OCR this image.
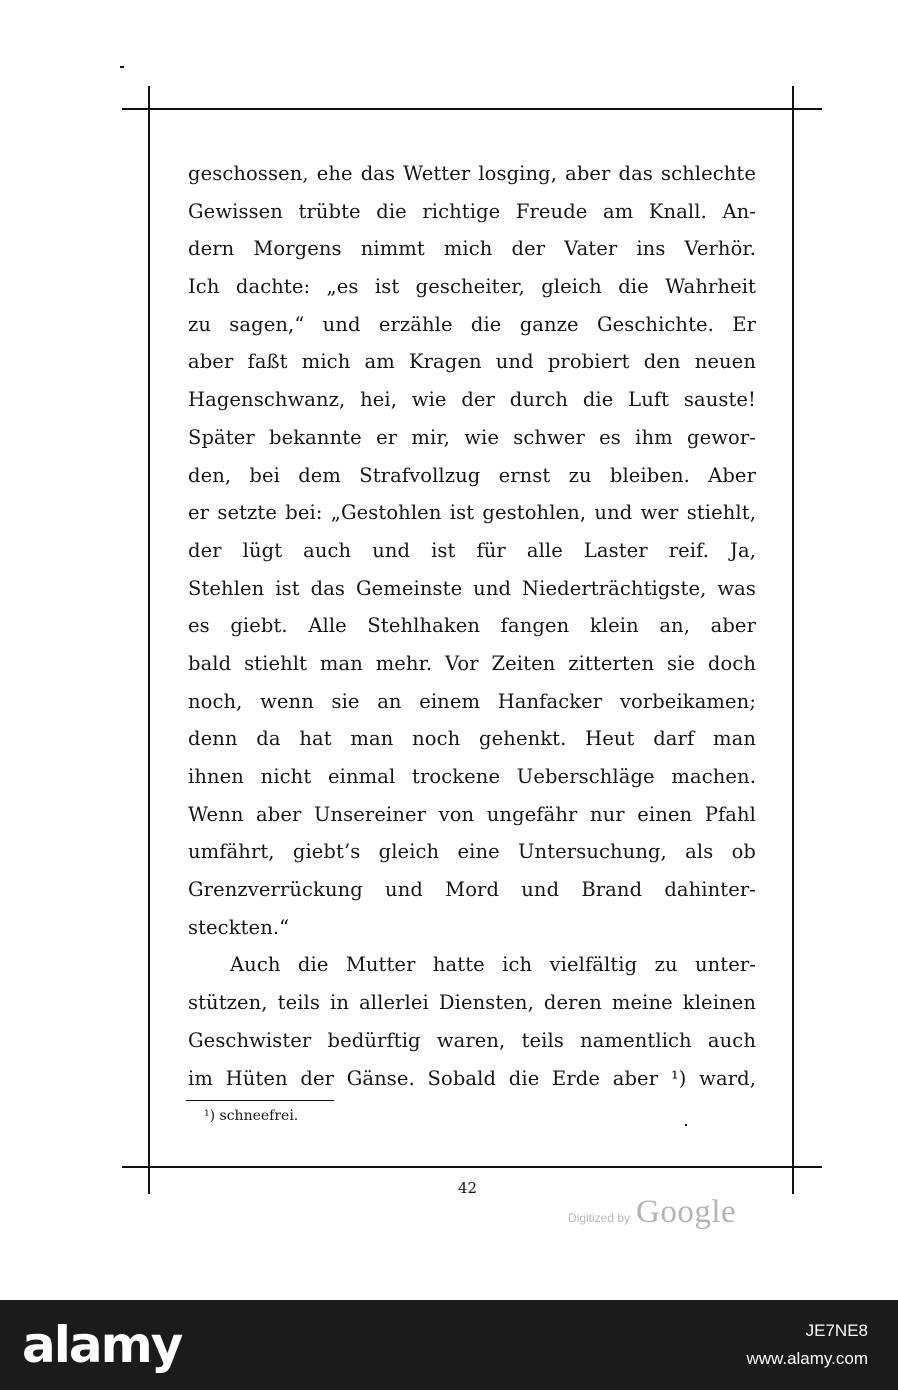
geschossen, ehe das Wetter losging, aber das schlechte
Gewissen trübte die richtige Freude am Knall. An-
dern Morgens nimmt mich der Vater ins Verhör.
Ich dachte: „es ist gescheiter, gleich die Wahrheit
zu sagen,“ und erzähle die ganze Geschichte. Er
aber faßt mich am Kragen und probiert den neuen
Hagenschwanz, hei, wie der durch die Luft sauste!
Später bekannte er mir, wie schwer es ihm gewor-
den, bei dem Strafvollzug ernst zu bleiben. Aber
er setzte bei: „Gestohlen ist gestohlen, und wer stiehlt,
der lügt auch und ist für alle Laster reif. Ja,
Stehlen ist das Gemeinste und Niederträchtigste, was
es giebt. Alle Stehlhaken fangen klein an, aber
bald stiehlt man mehr. Vor Zeiten zitterten sie doch
noch, wenn sie an einem Hanfacker vorbeikamen;
denn da hat man noch gehenkt. Heut darf man
ihnen nicht einmal trockene Ueberschläge machen.
Wenn aber Unsereiner von ungefähr nur einen Pfahl
umfährt, giebt’s gleich eine Untersuchung, als ob
Grenzverrückung und Mord und Brand dahinter-
steckten.“
Auch die Mutter hatte ich vielfältig zu unter-
stützen, teils in allerlei Diensten, deren meine kleinen
Geschwister bedürftig waren, teils namentlich auch
im Hüten der Gänse. Sobald die Erde aber ¹) ward,
¹) schneefrei.
42
Digitized by Google
alamy	JE7NE8
www.alamy.com
